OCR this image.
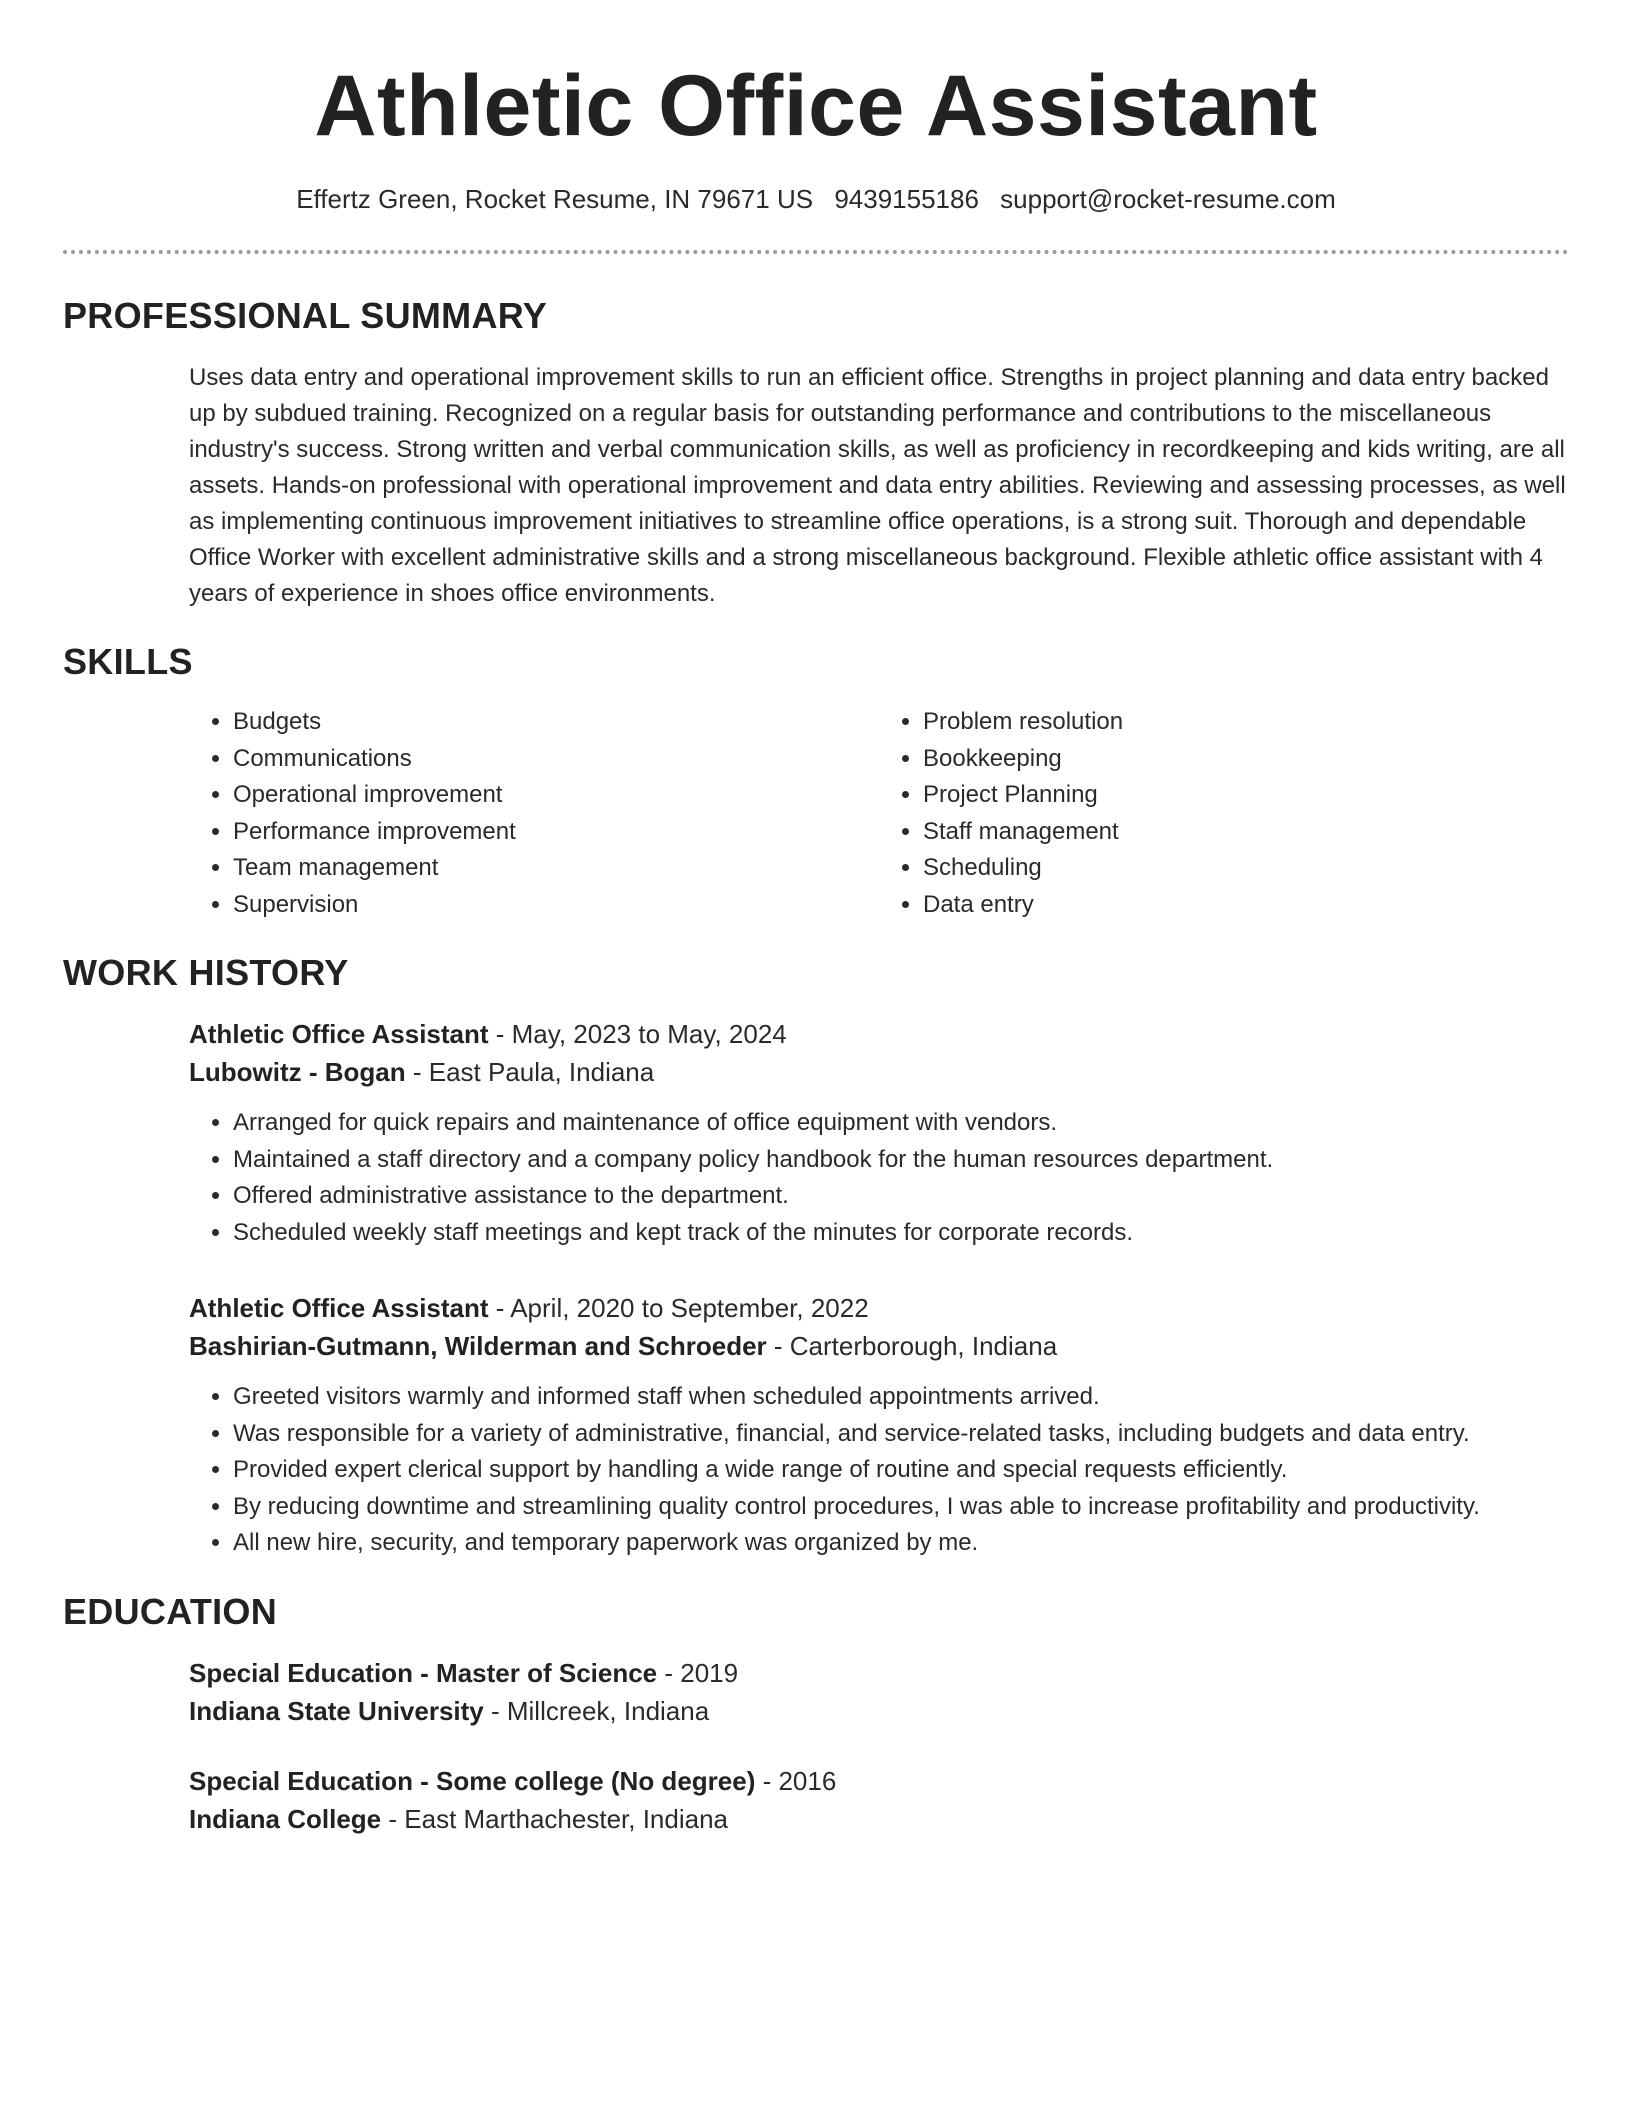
Athletic Office Assistant
Effertz Green, Rocket Resume, IN 79671 US 9439155186 support@rocket-resume.com
PROFESSIONAL SUMMARY

Uses data entry and operational improvement skills to run an efficient office. Strengths in project planning and data entry backed up by subdued training. Recognized on a regular basis for outstanding performance and contributions to the miscellaneous industry's success. Strong written and verbal communication skills, as well as proficiency in recordkeeping and kids writing, are all assets. Hands-on professional with operational improvement and data entry abilities. Reviewing and assessing processes, as well as implementing continuous improvement initiatives to streamline office operations, is a strong suit. Thorough and dependable Office Worker with excellent administrative skills and a strong miscellaneous background. Flexible athletic office assistant with 4 years of experience in shoes office environments.

SKILLS
• Budgets
• Communications
• Operational improvement
• Performance improvement
• Team management
• Supervision
• Problem resolution
• Bookkeeping
• Project Planning
• Staff management
• Scheduling
• Data entry
WORK HISTORY
Athletic Office Assistant - May, 2023 to May, 2024
Lubowitz - Bogan - East Paula, Indiana
• Arranged for quick repairs and maintenance of office equipment with vendors.
• Maintained a staff directory and a company policy handbook for the human resources department.
• Offered administrative assistance to the department.
• Scheduled weekly staff meetings and kept track of the minutes for corporate records.
Athletic Office Assistant - April, 2020 to September, 2022
Bashirian-Gutmann, Wilderman and Schroeder - Carterborough, Indiana
• Greeted visitors warmly and informed staff when scheduled appointments arrived.
• Was responsible for a variety of administrative, financial, and service-related tasks, including budgets and data entry.
• Provided expert clerical support by handling a wide range of routine and special requests efficiently.
• By reducing downtime and streamlining quality control procedures, I was able to increase profitability and productivity.
• All new hire, security, and temporary paperwork was organized by me.
EDUCATION
Special Education - Master of Science - 2019
Indiana State University - Millcreek, Indiana
Special Education - Some college (No degree) - 2016
Indiana College - East Marthachester, Indiana
